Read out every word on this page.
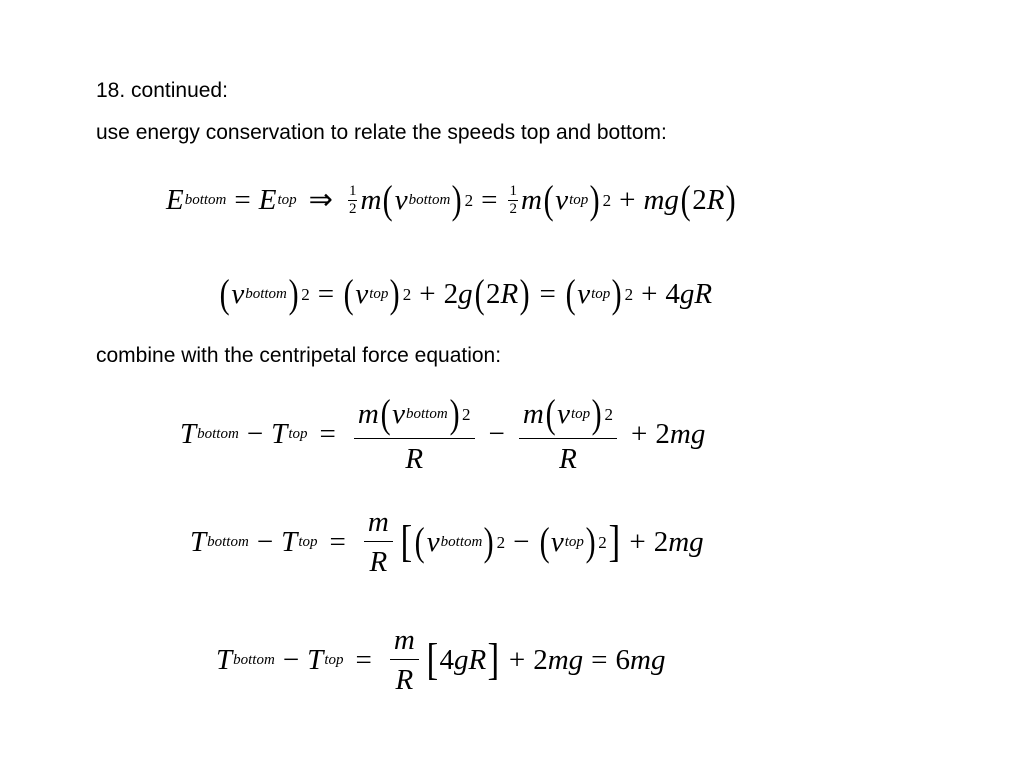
18. continued:
use energy conservation to relate the speeds top and bottom:
E bottom = E top ⇒ $\frac{1}{2}$ m ( v bottom ) $2 = \frac{1}{2}$ m ( v top ) 2 + mg ( 2 R )
( v bottom ) 2 = ( v top ) 2 + 2 g ( 2 R ) = ( v top ) 2 + 4 g R
combine with the centripetal force equation:
T bottom − T top = $\frac{\text{m ( v bottom ) 2}}{R} - \frac{\text{m ( v top ) 2}}{R} + 2$ mg
T bottom − T top = $\frac{m}{R}$ [ ( v bottom ) 2 − ( v top ) 2 ] + 2 mg
T bottom − T top = $\frac{m}{R}$ [ 4 g R ] + 2 mg = 6 mg
